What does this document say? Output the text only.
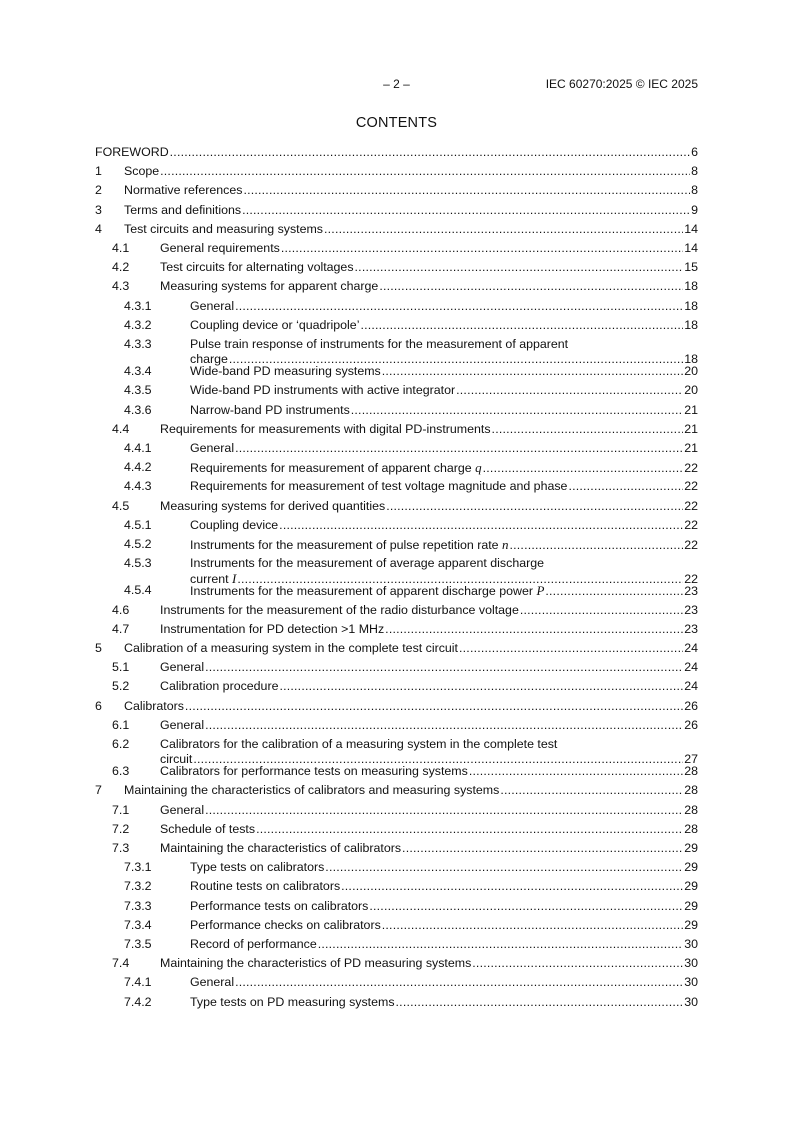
– 2 –	IEC 60270:2025 © IEC 2025
CONTENTS
FOREWORD .....	6
1 Scope .....	8
2 Normative references .....	8
3 Terms and definitions .....	9
4 Test circuits and measuring systems .....	14
4.1 General requirements .....	14
4.2 Test circuits for alternating voltages .....	15
4.3 Measuring systems for apparent charge .....	18
4.3.1	General .....	18
4.3.2	Coupling device or ‘quadripole’ .....	18
4.3.3	Pulse train response of instruments for the measurement of apparent
charge .....	18
4.3.4	Wide-band PD measuring systems .....	20
4.3.5	Wide-band PD instruments with active integrator .....	20
4.3.6	Narrow-band PD instruments .....	21
4.4 Requirements for measurements with digital PD-instruments .....	21
4.4.1	General .....	21
4.4.2	Requirements for measurement of apparent charge q .....	22
4.4.3	Requirements for measurement of test voltage magnitude and phase .....	22
4.5 Measuring systems for derived quantities .....	22
4.5.1	Coupling device .....	22
4.5.2	Instruments for the measurement of pulse repetition rate n .....	22
4.5.3	Instruments for the measurement of average apparent discharge
current I .....	22
4.5.4	Instruments for the measurement of apparent discharge power P .....	23
4.6 Instruments for the measurement of the radio disturbance voltage .....	23
4.7 Instrumentation for PD detection >1 MHz .....	23
5 Calibration of a measuring system in the complete test circuit .....	24
5.1 General .....	24
5.2 Calibration procedure .....	24
6 Calibrators .....	26
6.1 General .....	26
6.2 Calibrators for the calibration of a measuring system in the complete test
circuit .....	27
6.3 Calibrators for performance tests on measuring systems .....	28
7 Maintaining the characteristics of calibrators and measuring systems .....	28
7.1 General .....	28
7.2 Schedule of tests .....	28
7.3 Maintaining the characteristics of calibrators .....	29
7.3.1	Type tests on calibrators .....	29
7.3.2	Routine tests on calibrators .....	29
7.3.3	Performance tests on calibrators .....	29
7.3.4	Performance checks on calibrators .....	29
7.3.5	Record of performance .....	30
7.4 Maintaining the characteristics of PD measuring systems .....	30
7.4.1	General .....	30
7.4.2	Type tests on PD measuring systems .....	30
